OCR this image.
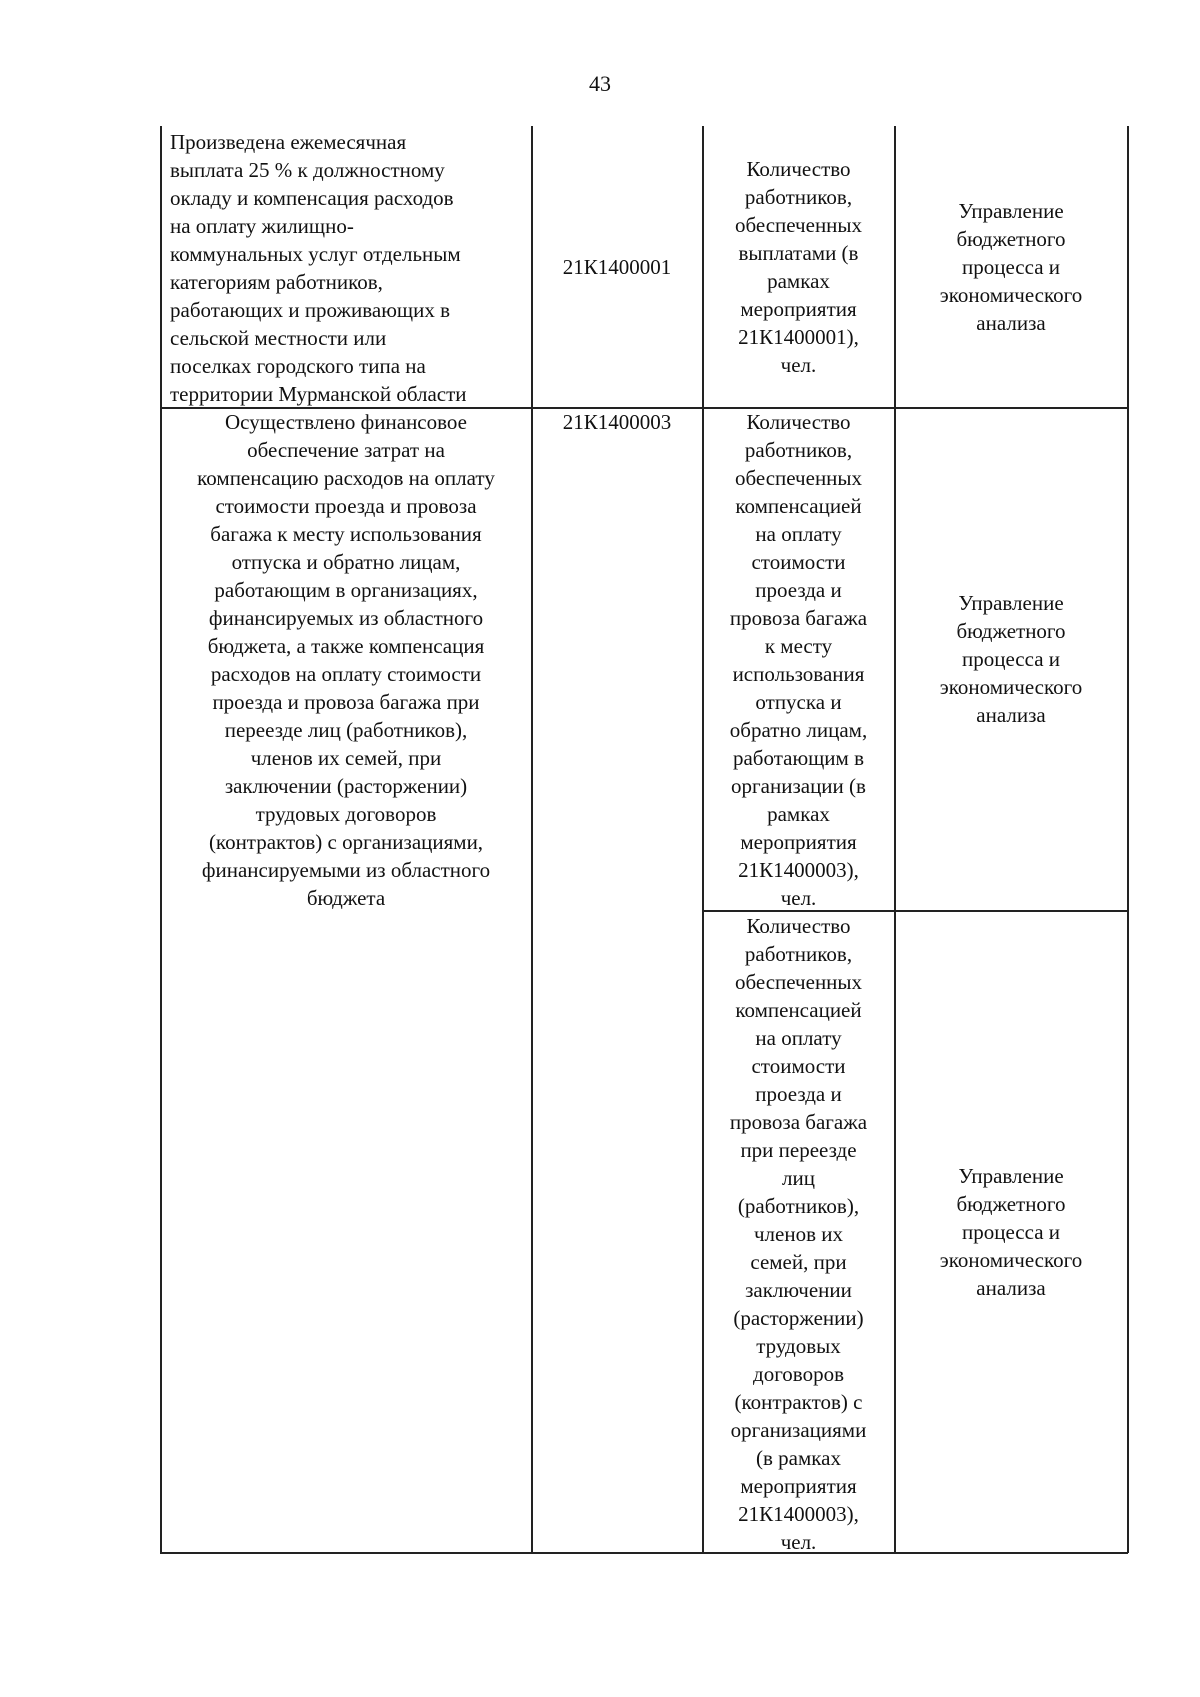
43
Произведена ежемесячная
выплата 25 % к должностному
окладу и компенсация расходов
на оплату жилищно-
коммунальных услуг отдельным
категориям работников,
работающих и проживающих в
сельской местности или
поселках городского типа на
территории Мурманской области
21К1400001
Количество
работников,
обеспеченных
выплатами (в
рамках
мероприятия
21К1400001),
чел.
Управление
бюджетного
процесса и
экономического
анализа
Осуществлено финансовое
обеспечение затрат на
компенсацию расходов на оплату
стоимости проезда и провоза
багажа к месту использования
отпуска и обратно лицам,
работающим в организациях,
финансируемых из областного
бюджета, а также компенсация
расходов на оплату стоимости
проезда и провоза багажа при
переезде лиц (работников),
членов их семей, при
заключении (расторжении)
трудовых договоров
(контрактов) с организациями,
финансируемыми из областного
бюджета
21К1400003	Количество
работников,
обеспеченных
компенсацией
на оплату
стоимости
проезда и
провоза багажа
к месту
использования
отпуска и
обратно лицам,
работающим в
организации (в
рамках
мероприятия
21К1400003),
чел.
Управление
бюджетного
процесса и
экономического
анализа
Количество
работников,
обеспеченных
компенсацией
на оплату
стоимости
проезда и
провоза багажа
при переезде
лиц
(работников),
членов их
семей, при
заключении
(расторжении)
трудовых
договоров
(контрактов) с
организациями
(в рамках
мероприятия
21К1400003),
чел.
Управление
бюджетного
процесса и
экономического
анализа
